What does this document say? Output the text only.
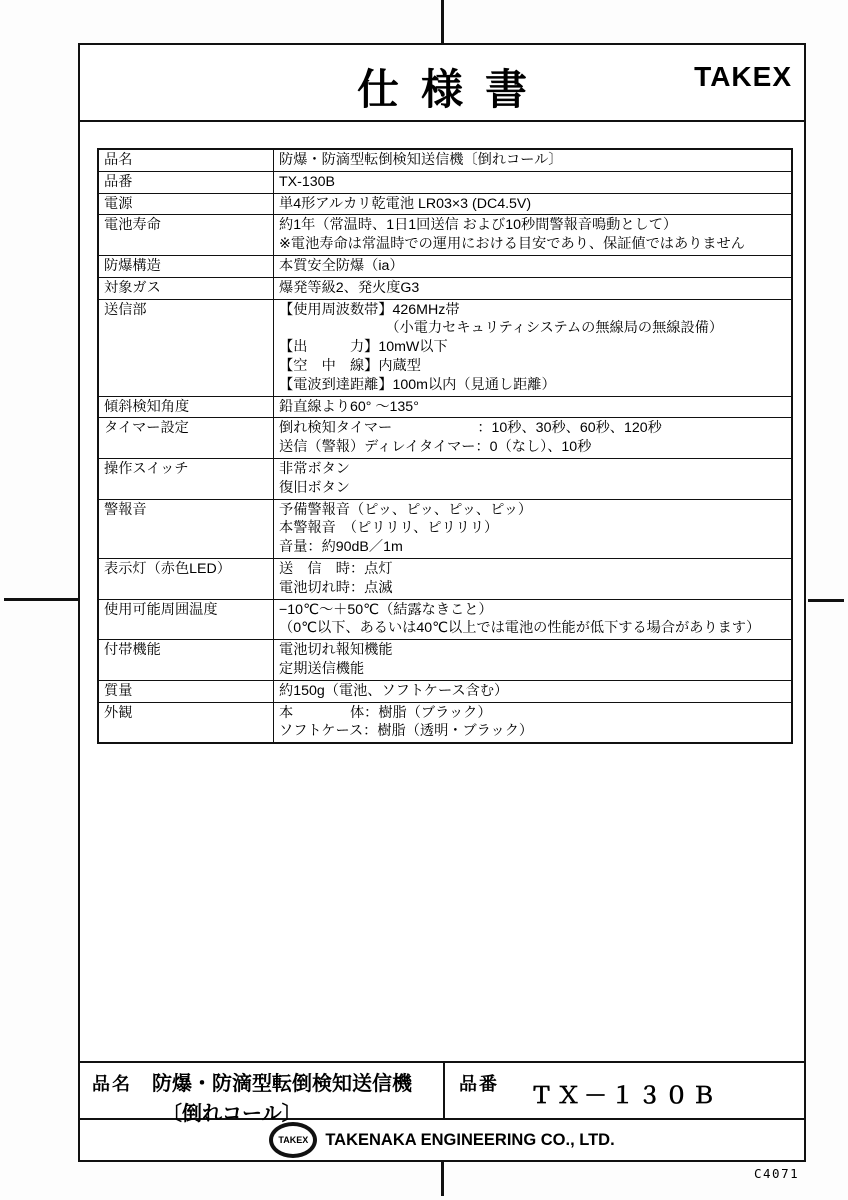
仕様書	TAKEX
品名	防爆・防滴型転倒検知送信機〔倒れコール〕
品番	TX-130B
電源	単4形アルカリ乾電池 LR03×3 (DC4.5V)
電池寿命	約1年（常温時、1日1回送信 および10秒間警報音鳴動として）
※電池寿命は常温時での運用における目安であり、保証値ではありません
防爆構造	本質安全防爆（ia）
対象ガス	爆発等級2、発火度G3
送信部	【使用周波数帯】426MHz帯
　　　　　　　　（小電力セキュリティシステムの無線局の無線設備）
【出　　　力】10mW以下
【空　中　線】内蔵型
【電波到達距離】100m以内（見通し距離）
傾斜検知角度	鉛直線より60° ～135°
タイマー設定	倒れ検知タイマー　　　　　　：10秒、30秒、60秒、120秒
送信（警報）ディレイタイマー：0（なし）、10秒
操作スイッチ	非常ボタン
復旧ボタン
警報音	予備警報音（ピッ、ピッ、ピッ、ピッ）
本警報音　（ピリリリ、ピリリリ）
音量：約90dB／1m
表示灯（赤色LED）	送　信　時：点灯
電池切れ時：点滅
使用可能周囲温度	−10℃～＋50℃（結露なきこと）
（0℃以下、あるいは40℃以上では電池の性能が低下する場合があります）
付帯機能	電池切れ報知機能
定期送信機能
質量	約150g（電池、ソフトケース含む）
外観	本　　　　体：樹脂（ブラック）
ソフトケース：樹脂（透明・ブラック）
品名 防爆・防滴型転倒検知送信機
〔倒れコール〕
品番	ＴＸ－１３０Ｂ
TAKEX TAKENAKA ENGINEERING CO., LTD.
C4071
